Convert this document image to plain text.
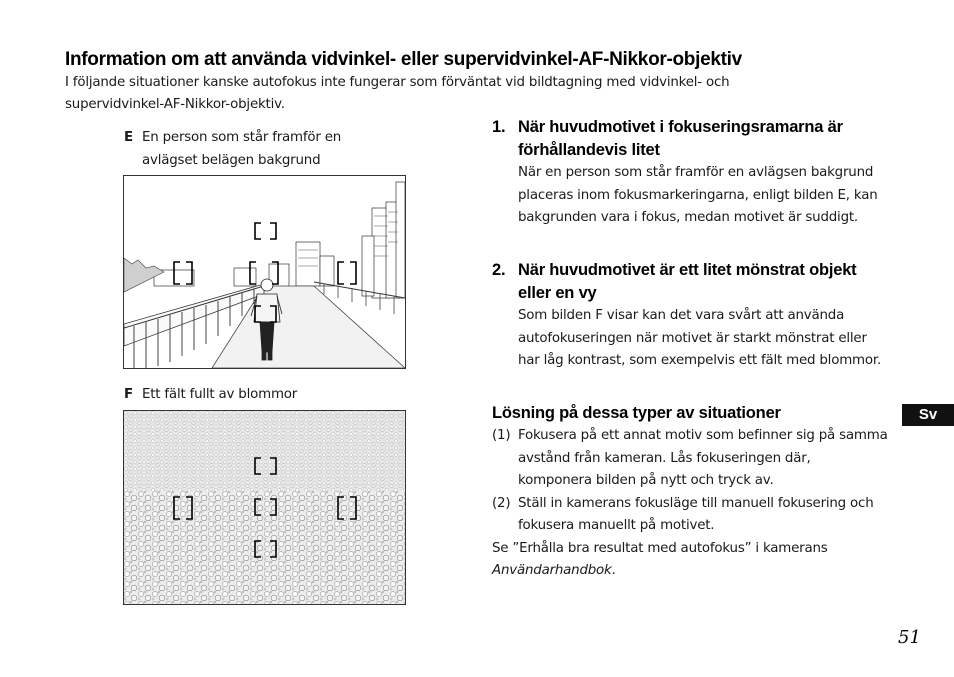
Information om att använda vidvinkel- eller supervidvinkel-AF-Nikkor-objektiv
I följande situationer kanske autofokus inte fungerar som förväntat vid bildtagning med vidvinkel- och supervidvinkel-AF-Nikkor-objektiv.
E En person som står framför en avlägset belägen bakgrund
F Ett fält fullt av blommor
1. När huvudmotivet i fokuseringsramarna är förhållandevis litet
När en person som står framför en avlägsen bakgrund placeras inom fokusmarkeringarna, enligt bilden E, kan bakgrunden vara i fokus, medan motivet är suddigt.
2. När huvudmotivet är ett litet mönstrat objekt eller en vy
Som bilden F visar kan det vara svårt att använda autofokuseringen när motivet är starkt mönstrat eller har låg kontrast, som exempelvis ett fält med blommor.
Lösning på dessa typer av situationer
(1) Fokusera på ett annat motiv som befinner sig på samma avstånd från kameran. Lås fokuseringen där, komponera bilden på nytt och tryck av.
(2) Ställ in kamerans fokusläge till manuell fokusering och fokusera manuellt på motivet.
Se ”Erhålla bra resultat med autofokus” i kamerans Användarhandbok.
Sv
51
